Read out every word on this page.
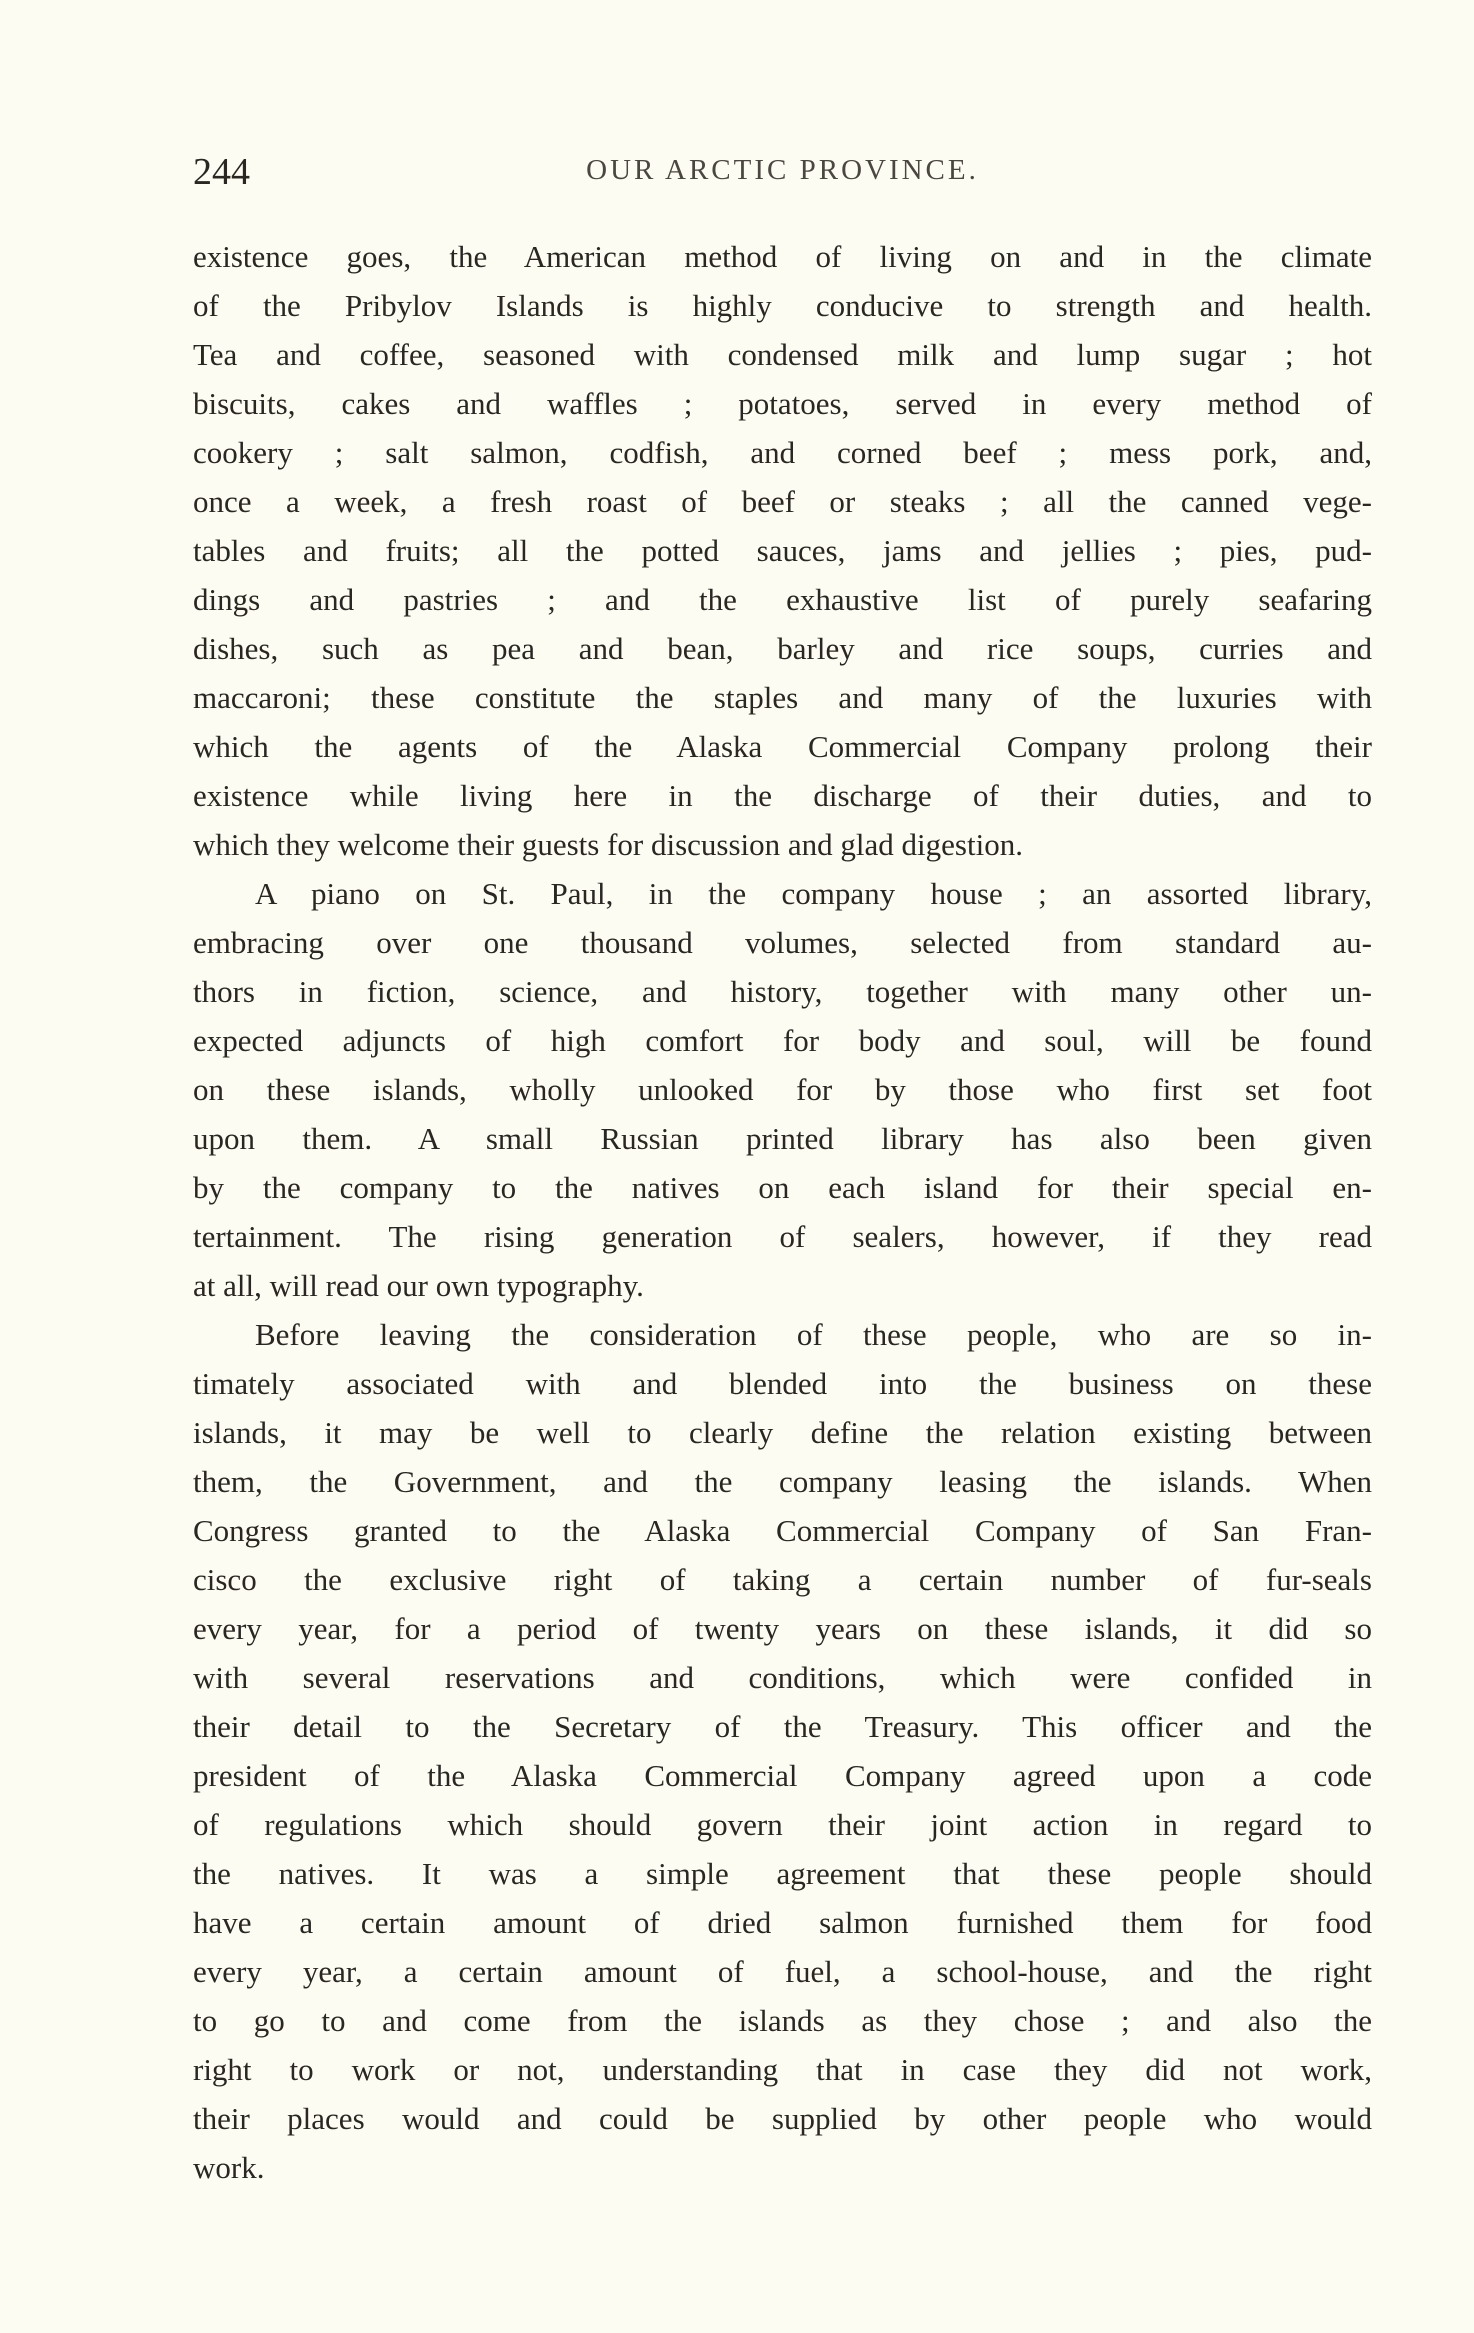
244	OUR ARCTIC PROVINCE.
existence goes, the American method of living on and in the climate
of the Pribylov Islands is highly conducive to strength and health.
Tea and coffee, seasoned with condensed milk and lump sugar ; hot
biscuits, cakes and waffles ; potatoes, served in every method of
cookery ; salt salmon, codfish, and corned beef ; mess pork, and,
once a week, a fresh roast of beef or steaks ; all the canned vege-
tables and fruits; all the potted sauces, jams and jellies ; pies, pud-
dings and pastries ; and the exhaustive list of purely seafaring
dishes, such as pea and bean, barley and rice soups, curries and
maccaroni; these constitute the staples and many of the luxuries with
which the agents of the Alaska Commercial Company prolong their
existence while living here in the discharge of their duties, and to
which they welcome their guests for discussion and glad digestion.
A piano on St. Paul, in the company house ; an assorted library,
embracing over one thousand volumes, selected from standard au-
thors in fiction, science, and history, together with many other un-
expected adjuncts of high comfort for body and soul, will be found
on these islands, wholly unlooked for by those who first set foot
upon them. A small Russian printed library has also been given
by the company to the natives on each island for their special en-
tertainment. The rising generation of sealers, however, if they read
at all, will read our own typography.
Before leaving the consideration of these people, who are so in-
timately associated with and blended into the business on these
islands, it may be well to clearly define the relation existing between
them, the Government, and the company leasing the islands. When
Congress granted to the Alaska Commercial Company of San Fran-
cisco the exclusive right of taking a certain number of fur-seals
every year, for a period of twenty years on these islands, it did so
with several reservations and conditions, which were confided in
their detail to the Secretary of the Treasury. This officer and the
president of the Alaska Commercial Company agreed upon a code
of regulations which should govern their joint action in regard to
the natives. It was a simple agreement that these people should
have a certain amount of dried salmon furnished them for food
every year, a certain amount of fuel, a school-house, and the right
to go to and come from the islands as they chose ; and also the
right to work or not, understanding that in case they did not work,
their places would and could be supplied by other people who would
work.
